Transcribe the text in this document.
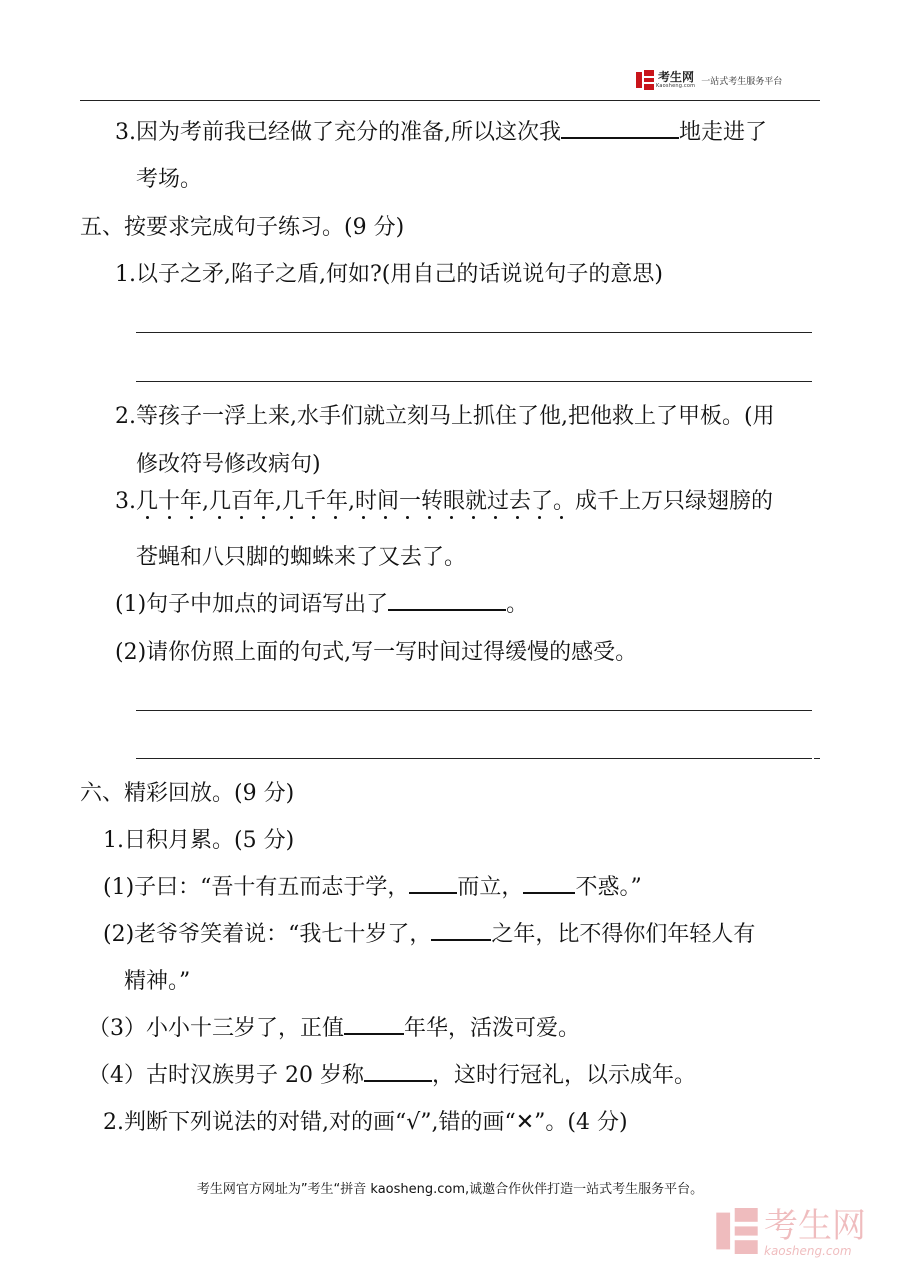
考生网
Kaosheng.com 一站式考生服务平台
3.因为考前我已经做了充分的准备,所以这次我	地走进了
考场。
五、按要求完成句子练习。(9 分)
1.以子之矛,陷子之盾,何如?(用自己的话说说句子的意思)
2.等孩子一浮上来,水手们就立刻马上抓住了他,把他救上了甲板。(用
修改符号修改病句)
3.几十年,几百年,几千年,时间一转眼就过去了。成千上万只绿翅膀的
苍蝇和八只脚的蜘蛛来了又去了。
(1)句子中加点的词语写出了	。
(2)请你仿照上面的句式,写一写时间过得缓慢的感受。
六、精彩回放。(9 分)
1.日积月累。(5 分)
(1)子曰：“吾十有五而志于学， 而立， 不惑。”
(2)老爷爷笑着说：“我七十岁了，	之年，比不得你们年轻人有
精神。”
（3）小小十三岁了，正值	年华，活泼可爱。
（4）古时汉族男子 20 岁称	，这时行冠礼，以示成年。
2.判断下列说法的对错,对的画“√”,错的画“✕”。(4 分)
考生网官方网址为”考生“拼音 kaosheng.com,诚邀合作伙伴打造一站式考生服务平台。
考生网
kaosheng.com
